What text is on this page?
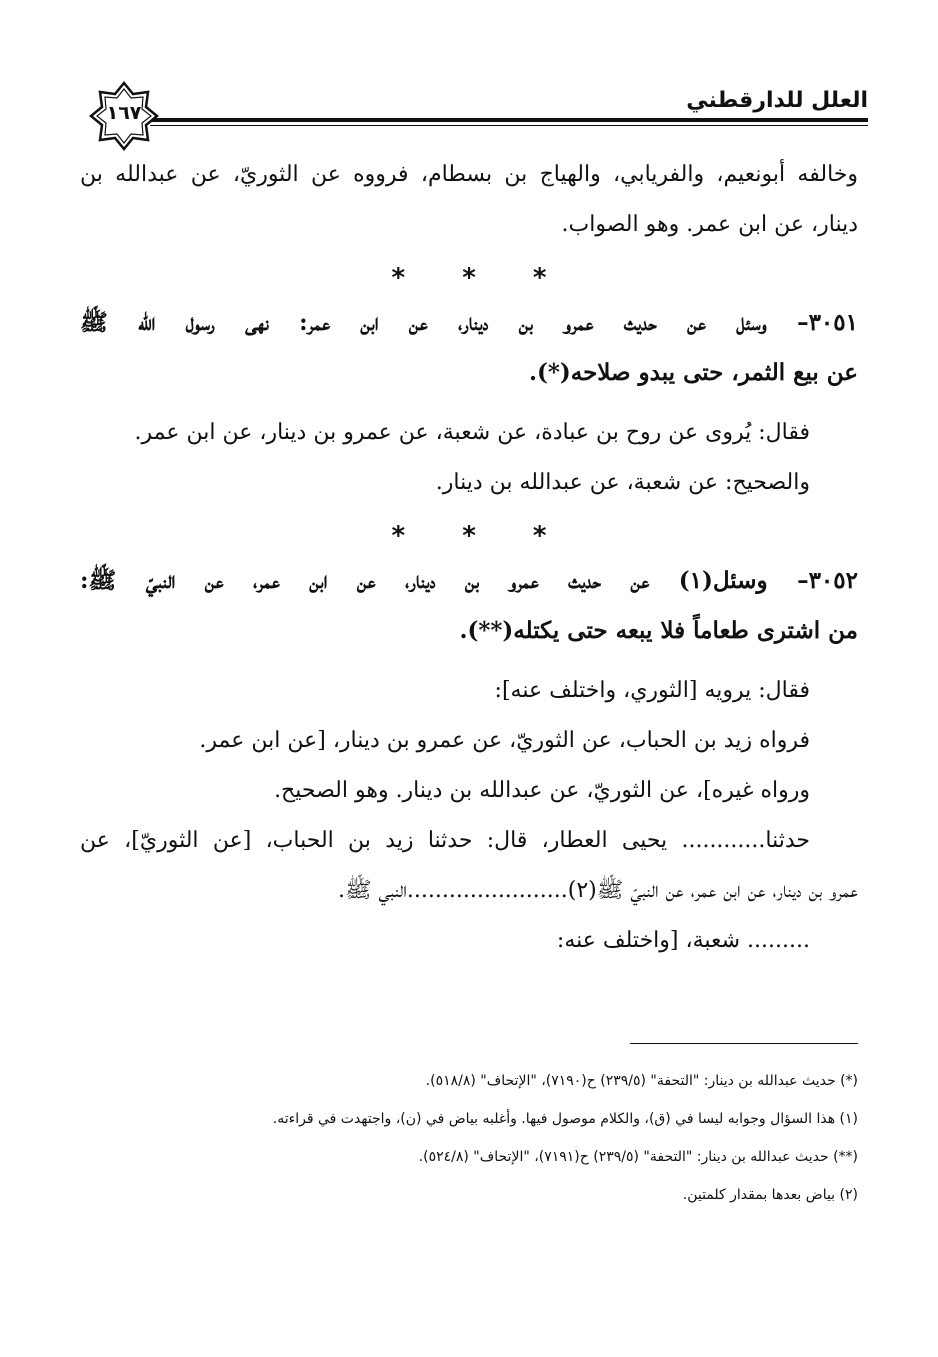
العلل للدارقطني
١٦٧

وخالفه أبونعيم، والفريابي، والهياج بن بسطام، فرووه عن الثوريّ، عن عبدالله بن

دينار، عن ابن عمر. وهو الصواب.

* * *

٣٠٥١– وسئل عن حديث عمرو بن دينار، عن ابن عمر: نهى رسول الله ﷺ

عن بيع الثمر، حتى يبدو صلاحه(*).

فقال: يُروى عن روح بن عبادة، عن شعبة، عن عمرو بن دينار، عن ابن عمر.

والصحيح: عن شعبة، عن عبدالله بن دينار.

* * *

٣٠٥٢– وسئل(١) عن حديث عمرو بن دينار، عن ابن عمر، عن النبيّ ﷺ:

من اشترى طعاماً فلا يبعه حتى يكتله(**).

فقال: يرويه [الثوري، واختلف عنه]:

فرواه زيد بن الحباب، عن الثوريّ، عن عمرو بن دينار، [عن ابن عمر.

ورواه غيره]، عن الثوريّ، عن عبدالله بن دينار. وهو الصحيح.

حدثنا............ يحيى العطار، قال: حدثنا زيد بن الحباب، [عن الثوريّ]، عن

عمرو بن دينار، عن ابن عمر، عن النبيّ ﷺ(٢).......................النبي ﷺ.

......... شعبة، [واختلف عنه:

(*) حديث عبدالله بن دينار: "التحفة" (٢٣٩/٥) ح(٧١٩٠)، "الإتحاف" (٥١٨/٨).

(١) هذا السؤال وجوابه ليسا في (ق)، والكلام موصول فيها. وأغلبه بياض في (ن)، واجتهدت في قراءته.

(**) حديث عبدالله بن دينار: "التحفة" (٢٣٩/٥) ح(٧١٩١)، "الإتحاف" (٥٢٤/٨).

(٢) بياض بعدها بمقدار كلمتين.
